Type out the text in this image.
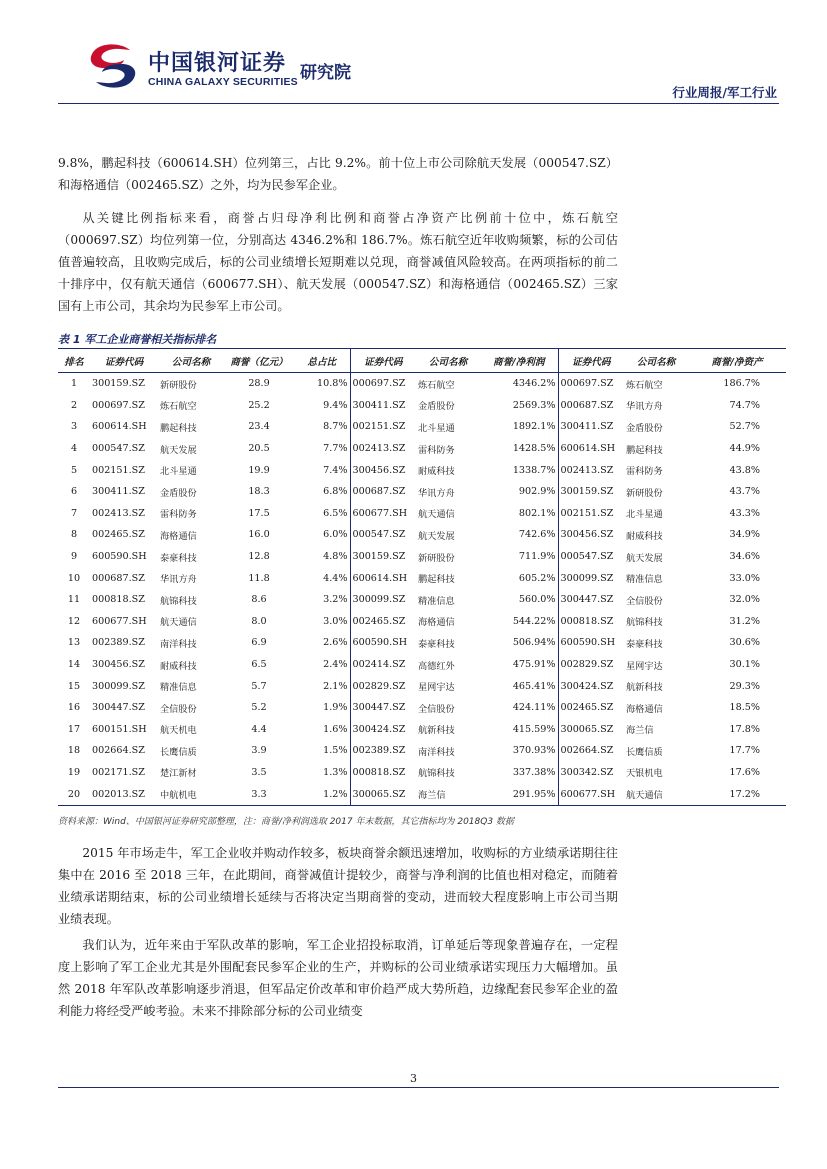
中国银河证券
CHINA GALAXY SECURITIES 研究院
行业周报/军工行业

9.8%，鹏起科技（600614.SH）位列第三，占比 9.2%。前十位上市公司除航天发展（000547.SZ）和海格通信（002465.SZ）之外，均为民参军企业。

从关键比例指标来看，商誉占归母净利比例和商誉占净资产比例前十位中，炼石航空（000697.SZ）均位列第一位，分别高达 4346.2%和 186.7%。炼石航空近年收购频繁，标的公司估值普遍较高，且收购完成后，标的公司业绩增长短期难以兑现，商誉减值风险较高。在两项指标的前二十排序中，仅有航天通信（600677.SH）、航天发展（000547.SZ）和海格通信（002465.SZ）三家国有上市公司，其余均为民参军上市公司。

表 1 军工企业商誉相关指标排名
排名	证券代码	公司名称	商誉（亿元）	总占比	证券代码	公司名称	商誉/净利润	证券代码	公司名称	商誉/净资产
1	300159.SZ	新研股份	28.9	10.8%	000697.SZ	炼石航空	4346.2%	000697.SZ	炼石航空	186.7%
2	000697.SZ	炼石航空	25.2	9.4%	300411.SZ	金盾股份	2569.3%	000687.SZ	华讯方舟	74.7%
3	600614.SH	鹏起科技	23.4	8.7%	002151.SZ	北斗星通	1892.1%	300411.SZ	金盾股份	52.7%
4	000547.SZ	航天发展	20.5	7.7%	002413.SZ	雷科防务	1428.5%	600614.SH	鹏起科技	44.9%
5	002151.SZ	北斗星通	19.9	7.4%	300456.SZ	耐威科技	1338.7%	002413.SZ	雷科防务	43.8%
6	300411.SZ	金盾股份	18.3	6.8%	000687.SZ	华讯方舟	902.9%	300159.SZ	新研股份	43.7%
7	002413.SZ	雷科防务	17.5	6.5%	600677.SH	航天通信	802.1%	002151.SZ	北斗星通	43.3%
8	002465.SZ	海格通信	16.0	6.0%	000547.SZ	航天发展	742.6%	300456.SZ	耐威科技	34.9%
9	600590.SH	泰豪科技	12.8	4.8%	300159.SZ	新研股份	711.9%	000547.SZ	航天发展	34.6%
10	000687.SZ	华讯方舟	11.8	4.4%	600614.SH	鹏起科技	605.2%	300099.SZ	精准信息	33.0%
11	000818.SZ	航锦科技	8.6	3.2%	300099.SZ	精准信息	560.0%	300447.SZ	全信股份	32.0%
12	600677.SH	航天通信	8.0	3.0%	002465.SZ	海格通信	544.22%	000818.SZ	航锦科技	31.2%
13	002389.SZ	南洋科技	6.9	2.6%	600590.SH	泰豪科技	506.94%	600590.SH	泰豪科技	30.6%
14	300456.SZ	耐威科技	6.5	2.4%	002414.SZ	高德红外	475.91%	002829.SZ	星网宇达	30.1%
15	300099.SZ	精准信息	5.7	2.1%	002829.SZ	星网宇达	465.41%	300424.SZ	航新科技	29.3%
16	300447.SZ	全信股份	5.2	1.9%	300447.SZ	全信股份	424.11%	002465.SZ	海格通信	18.5%
17	600151.SH	航天机电	4.4	1.6%	300424.SZ	航新科技	415.59%	300065.SZ	海兰信	17.8%
18	002664.SZ	长鹰信质	3.9	1.5%	002389.SZ	南洋科技	370.93%	002664.SZ	长鹰信质	17.7%
19	002171.SZ	楚江新材	3.5	1.3%	000818.SZ	航锦科技	337.38%	300342.SZ	天银机电	17.6%
20	002013.SZ	中航机电	3.3	1.2%	300065.SZ	海兰信	291.95%	600677.SH	航天通信	17.2%
资料来源：Wind、中国银河证券研究部整理，注：商誉/净利润选取 2017 年末数据，其它指标均为 2018Q3 数据

2015 年市场走牛，军工企业收并购动作较多，板块商誉余额迅速增加，收购标的方业绩承诺期往往集中在 2016 至 2018 三年，在此期间，商誉减值计提较少，商誉与净利润的比值也相对稳定，而随着业绩承诺期结束，标的公司业绩增长延续与否将决定当期商誉的变动，进而较大程度影响上市公司当期业绩表现。

我们认为，近年来由于军队改革的影响，军工企业招投标取消，订单延后等现象普遍存在，一定程度上影响了军工企业尤其是外围配套民参军企业的生产，并购标的公司业绩承诺实现压力大幅增加。虽然 2018 年军队改革影响逐步消退，但军品定价改革和审价趋严成大势所趋，边缘配套民参军企业的盈利能力将经受严峻考验。未来不排除部分标的公司业绩变

3
